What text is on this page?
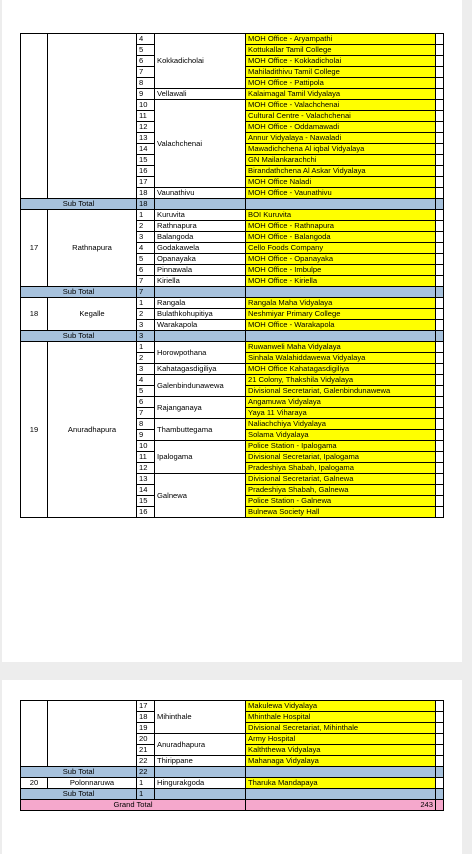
		4	Kokkadicholai	MOH Office - Aryampathi	
		5		Kottukallar Tamil College	
		6		MOH Office - Kokkadicholai	
		7		Mahiladithivu Tamil College	
		8		MOH Office - Pattipola	
		9	Vellawali	Kalaimagal Tamil Vidyalaya	
		10	Valachchenai	MOH Office - Valachchenai	
		11		Cultural Centre - Valachchenai	
		12		MOH Office - Oddamawadi	
		13		Annur Vidyalaya - Nawaladi	
		14		Mawadichchena Al iqbal Vidyalaya	
		15		GN Mailankarachchi	
		16		Birandathchena Al Askar Vidyalaya	
		17		MOH Office Naladi	
		18	Vaunathivu	MOH Office - Vaunathivu	
Sub Total		18			
17	Rathnapura	1	Kuruvita	BOI Kuruvita	
		2	Rathnapura	MOH Office - Rathnapura	
		3	Balangoda	MOH Office - Balangoda	
		4	Godakawela	Cello Foods Company	
		5	Opanayaka	MOH Office - Opanayaka	
		6	Pinnawala	MOH Office - Imbulpe	
		7	Kiriella	MOH Office - Kiriella	
Sub Total		7			
18	Kegalle	1	Rangala	Rangala Maha Vidyalaya	
		2	Bulathkohupitiya	Neshmiyar Primary College	
		3	Warakapola	MOH Office - Warakapola	
Sub Total		3			
19	Anuradhapura	1	Horowpothana	Ruwanweli Maha Vidyalaya	
		2		Sinhala Walahiddawewa Vidyalaya	
		3	Kahatagasdigiliya	MOH Office Kahatagasdigiliya	
		4	Galenbindunawewa	21 Colony, Thakshila Vidyalaya	
		5		Divisional Secretariat, Galenbindunawewa	
		6	Rajanganaya	Angamuwa Vidyalaya	
		7		Yaya 11 Viharaya	
		8	Thambuttegama	Naliachchiya Vidyalaya	
		9		Solama Vidyalaya	
		10	Ipalogama	Police Station - Ipalogama	
		11		Divisional Secretariat, Ipalogama	
		12		Pradeshiya Shabah, Ipalogama	
		13	Galnewa	Divisional Secretariat, Galnewa	
		14		Pradeshiya Shabah, Galnewa	
		15		Police Station - Galnewa	
		16		Bulnewa Society Hall	
		17	Mihinthale	Makulewa Vidyalaya	
		18		Mhinthale Hospital	
		19		Divisional Secretariat, Mihinthale	
		20	Anuradhapura	Army Hospital	
		21		Kalththewa Vidyalaya	
		22	Thirippane	Mahanaga Vidyalaya	
Sub Total		22			
20	Polonnaruwa	1	Hingurakgoda	Tharuka Mandapaya	
Sub Total		1			
Grand Total				243	
